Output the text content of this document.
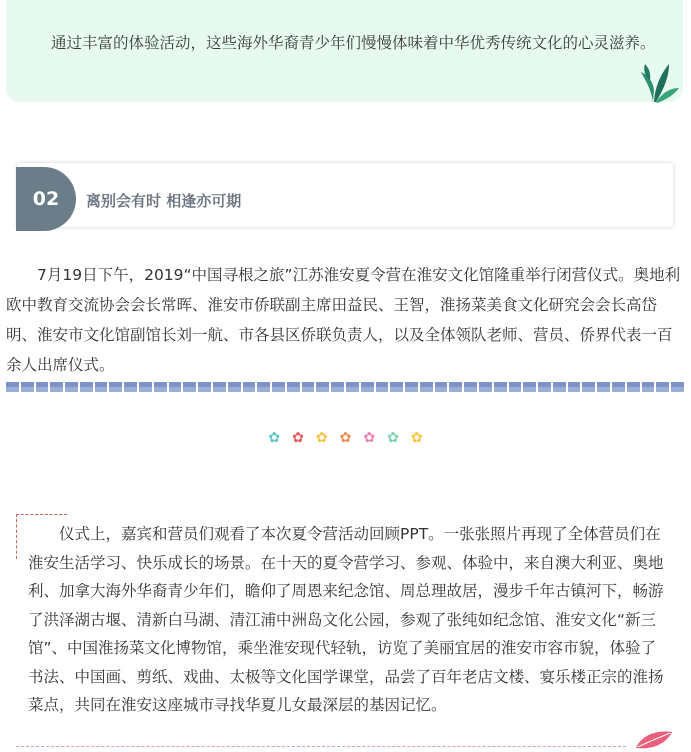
通过丰富的体验活动，这些海外华裔青少年们慢慢体味着中华优秀传统文化的心灵滋养。

02 离别会有时 相逢亦可期

7月19日下午，2019“中国寻根之旅”江苏淮安夏令营在淮安文化馆隆重举行闭营仪式。奥地利欧中教育交流协会会长常晖、淮安市侨联副主席田益民、王智，淮扬菜美食文化研究会会长高岱明、淮安市文化馆副馆长刘一航、市各县区侨联负责人，以及全体领队老师、营员、侨界代表一百余人出席仪式。

✿ ✿ ✿ ✿ ✿ ✿ ✿

仪式上，嘉宾和营员们观看了本次夏令营活动回顾PPT。一张张照片再现了全体营员们在淮安生活学习、快乐成长的场景。在十天的夏令营学习、参观、体验中，来自澳大利亚、奥地利、加拿大海外华裔青少年们，瞻仰了周恩来纪念馆、周总理故居，漫步千年古镇河下，畅游了洪泽湖古堰、清新白马湖、清江浦中洲岛文化公园，参观了张纯如纪念馆、淮安文化“新三馆”、中国淮扬菜文化博物馆，乘坐淮安现代轻轨，访览了美丽宜居的淮安市容市貌，体验了书法、中国画、剪纸、戏曲、太极等文化国学课堂，品尝了百年老店文楼、宴乐楼正宗的淮扬菜点，共同在淮安这座城市寻找华夏儿女最深层的基因记忆。
